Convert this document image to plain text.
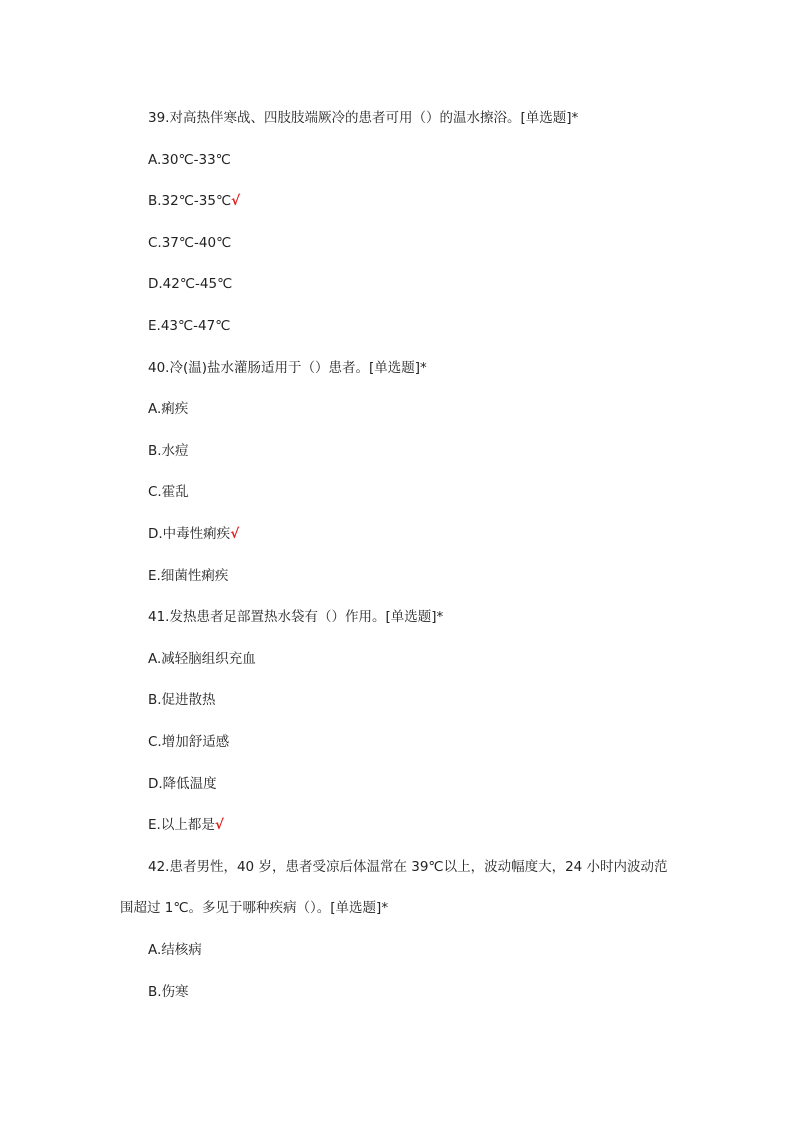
39.对高热伴寒战、四肢肢端厥冷的患者可用（）的温水擦浴。[单选题]*
A.30℃-33℃
B.32℃-35℃√
C.37℃-40℃
D.42℃-45℃
E.43℃-47℃
40.冷(温)盐水灌肠适用于（）患者。[单选题]*
A.痢疾
B.水痘
C.霍乱
D.中毒性痢疾√
E.细菌性痢疾
41.发热患者足部置热水袋有（）作用。[单选题]*
A.减轻脑组织充血
B.促进散热
C.增加舒适感
D.降低温度
E.以上都是√
42.患者男性，40 岁，患者受凉后体温常在 39℃以上，波动幅度大，24 小时内波动范
围超过 1℃。多见于哪种疾病（）。[单选题]*
A.结核病
B.伤寒
